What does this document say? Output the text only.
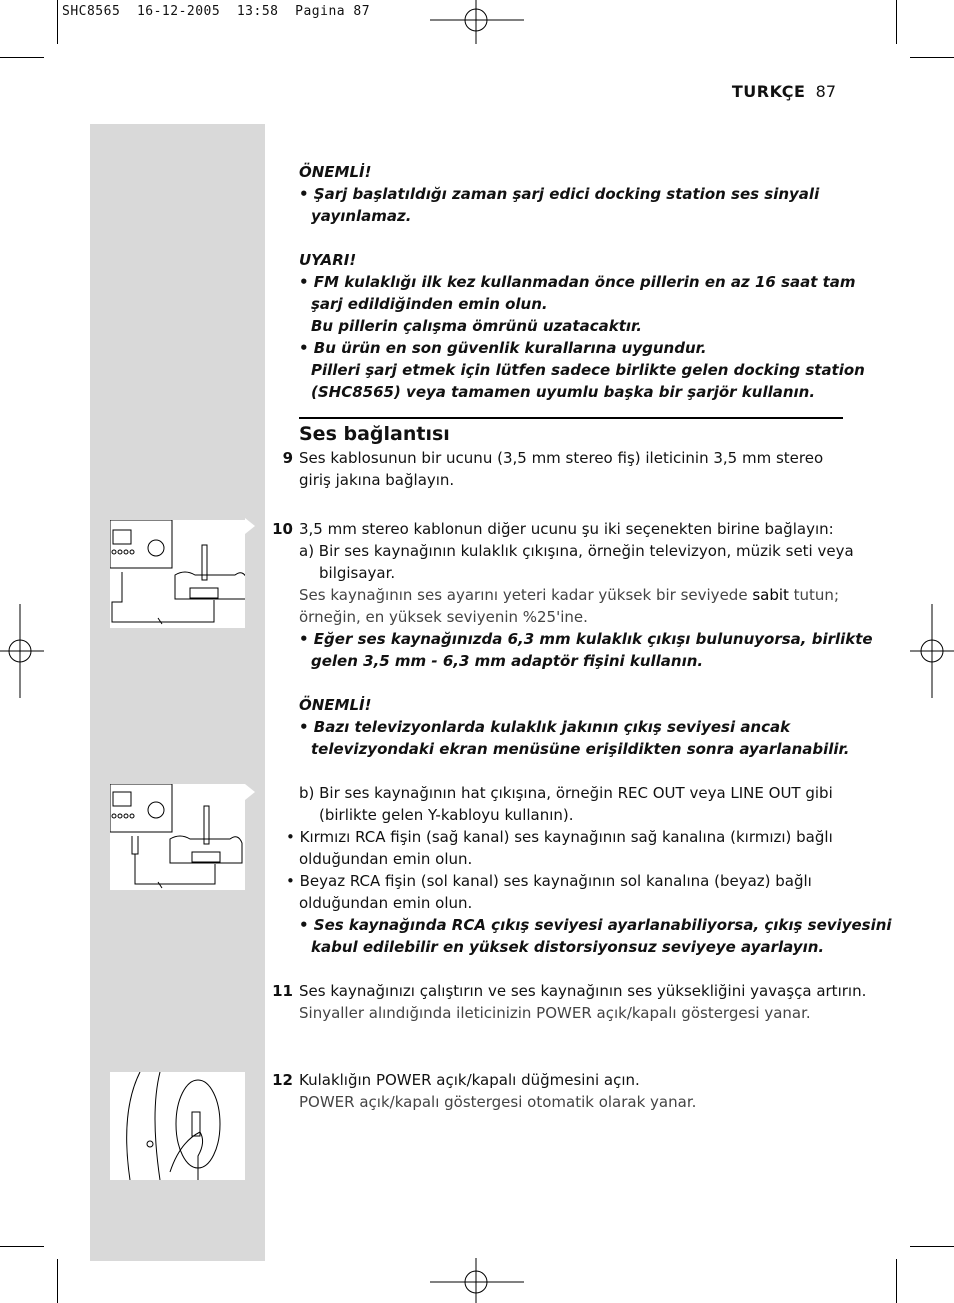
SHC8565  16-12-2005  13:58  Pagina 87
TURKÇE 87
ÖNEMLİ!
• Şarj başlatıldığı zaman şarj edici docking station ses sinyali
yayınlamaz.
UYARI!
• FM kulaklığı ilk kez kullanmadan önce pillerin en az 16 saat tam
şarj edildiğinden emin olun.
Bu pillerin çalışma ömrünü uzatacaktır.
• Bu ürün en son güvenlik kurallarına uygundur.
Pilleri şarj etmek için lütfen sadece birlikte gelen docking station
(SHC8565) veya tamamen uyumlu başka bir şarjör kullanın.
Ses bağlantısı
9 Ses kablosunun bir ucunu (3,5 mm stereo fiş) ileticinin 3,5 mm stereo
giriş jakına bağlayın.
10 3,5 mm stereo kablonun diğer ucunu şu iki seçenekten birine bağlayın:
a) Bir ses kaynağının kulaklık çıkışına, örneğin televizyon, müzik seti veya
bilgisayar.
Ses kaynağının ses ayarını yeteri kadar yüksek bir seviyede sabit tutun;
örneğin, en yüksek seviyenin %25'ine.
• Eğer ses kaynağınızda 6,3 mm kulaklık çıkışı bulunuyorsa, birlikte
gelen 3,5 mm - 6,3 mm adaptör fişini kullanın.
ÖNEMLİ!
• Bazı televizyonlarda kulaklık jakının çıkış seviyesi ancak
televizyondaki ekran menüsüne erişildikten sonra ayarlanabilir.
b) Bir ses kaynağının hat çıkışına, örneğin REC OUT veya LINE OUT gibi
(birlikte gelen Y-kabloyu kullanın).
• Kırmızı RCA fişin (sağ kanal) ses kaynağının sağ kanalına (kırmızı) bağlı
olduğundan emin olun.
• Beyaz RCA fişin (sol kanal) ses kaynağının sol kanalına (beyaz) bağlı
olduğundan emin olun.
• Ses kaynağında RCA çıkış seviyesi ayarlanabiliyorsa, çıkış seviyesini
kabul edilebilir en yüksek distorsiyonsuz seviyeye ayarlayın.
11 Ses kaynağınızı çalıştırın ve ses kaynağının ses yüksekliğini yavaşça artırın.
Sinyaller alındığında ileticinizin POWER açık/kapalı göstergesi yanar.
12 Kulaklığın POWER açık/kapalı düğmesini açın.
POWER açık/kapalı göstergesi otomatik olarak yanar.
